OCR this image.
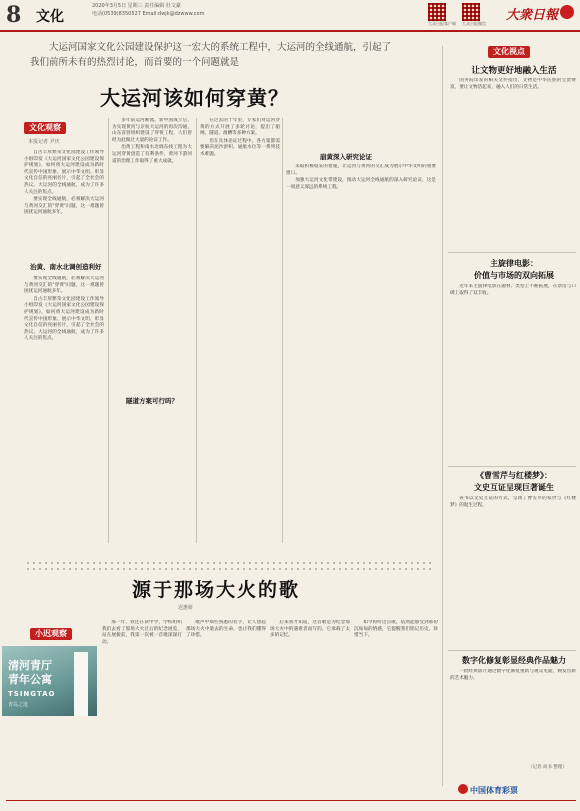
8 文化
2020年3月5日 星期三 责任编辑 杜文豪
电话(0539)8350527 Email:dwjk@dzwww.com
大众日报客户端 大众日报微信
大衆日報
大运河国家文化公园建设保护这一宏大的系统工程中，大运河的全线通航，引起了我们前所未有的热烈讨论，而首要的一个问题就是
大运河该如何穿黄？
文化观察
本报记者 尹庆

自古丰厚繁荣文化园建设工作领导小组印发《大运河国家文化公园建设保护规划》，如何将大运河建设成为新时代宣传中国形象、展示中华文明、彰显文化自信的亮丽名片，引起了全社会的热议。大运河的全线通航，成为了许多人关注的焦点。

要实现全线通航，必须解决大运河与黄河交汇的"穿黄"问题，这一难题曾困扰运河通航多年。

治黄、南水北调创造利好

要实现全线通航，必须解决大运河与黄河交汇的"穿黄"问题，这一难题曾困扰运河通航多年。

自古丰厚繁荣文化园建设工作领导小组印发《大运河国家文化公园建设保护规划》，如何将大运河建设成为新时代宣传中国形象、展示中华文明、彰显文化自信的亮丽名片，引起了全社会的热议。大运河的全线通航，成为了许多人关注的焦点。

多年前运河断流。新中国成立后，为实现黄河与京杭大运河的再次沟通，山东省曾组织建设了穿黄工程，人们曾经为此做过大量的论证工作。

治黄工程和南水北调东线工程为大运河穿黄创造了有利条件，黄河下游河道的治理工作取得了重大成就。

在过去的十年里，专家们对运河穿黄的方式开展了多轮讨论，提出了船闸、隧道、渡槽等多种方案。

但在具体论证过程中，各方案都需要解决泥沙淤积、通航水位等一系列技术难题。

隧道方案可行吗？
崩黄深入研究论证

采取积极稳妥的措施，让运河与黄河的交汇成为展示中华文明的重要窗口。

加强大运河文化带建设，推动大运河全线通航的深入研究论证，这是一项意义深远的系统工程。

文化视点
让文物更好地融入生活

国务院印发的相关文件指出，文物是中华民族的宝贵财富，要让文物活起来，融入人们的日常生活。

主旋律电影：
价值与市场的双向拓展

近年来主旋律电影在题材、类型上不断拓展，在票房与口碑上取得了双丰收。

《曹雪芹与红楼梦》：
文史互证呈现巨著诞生

该书以文史互证的方式，呈现了曹雪芹的家世与《红楼梦》的诞生过程。

数字化修复彰显经典作品魅力

一批经典影片通过数字化修复重新与观众见面，焕发出新的艺术魅力。

（记者 尚书 整理）
源于那场大火的歌
迟惠妍
小迟观察
清河青厅
青年公寓
TSINGTAO
青岛之选

那一年，我还在读中学，学校组织我们去看了那场大火过后的纪念展览，站在展板前，我第一次被一首歌深深打动。

歌声中那些熟悉的名字，让人想起那场大火中逝去的生命，也让我们懂得了珍惜。

后来我才知道，这首歌是为纪念那场大火中的遇难者而写的，它承载了太多的记忆。

如今再听这首歌，依然能感受到那份沉甸甸的情感，它提醒我们铭记历史，珍惜当下。

中国体育彩票
